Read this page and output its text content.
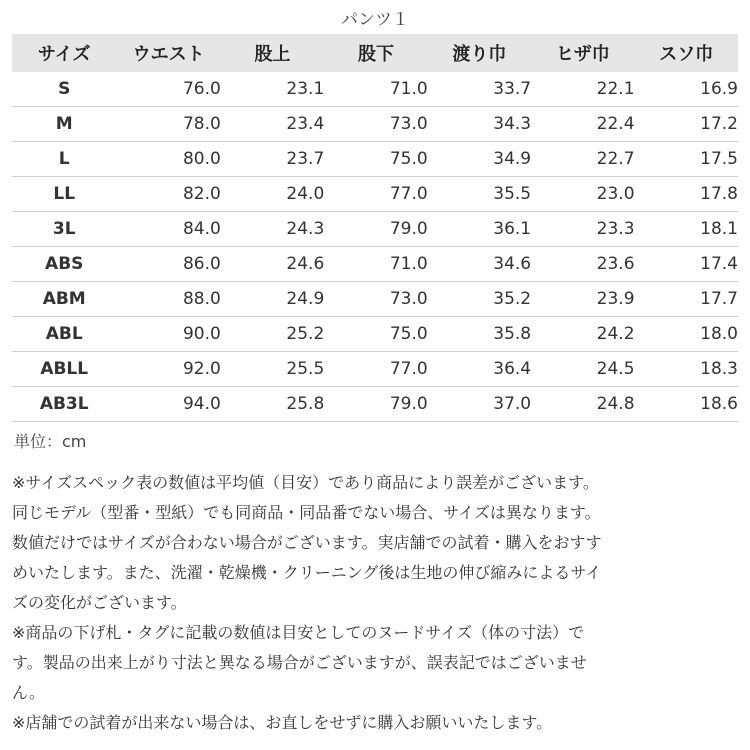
パンツ１
サイズ	ウエスト	股上	股下	渡り巾	ヒザ巾	スソ巾
S	76.0	23.1	71.0	33.7	22.1	16.9
M	78.0	23.4	73.0	34.3	22.4	17.2
L	80.0	23.7	75.0	34.9	22.7	17.5
LL	82.0	24.0	77.0	35.5	23.0	17.8
3L	84.0	24.3	79.0	36.1	23.3	18.1
ABS	86.0	24.6	71.0	34.6	23.6	17.4
ABM	88.0	24.9	73.0	35.2	23.9	17.7
ABL	90.0	25.2	75.0	35.8	24.2	18.0
ABLL	92.0	25.5	77.0	36.4	24.5	18.3
AB3L	94.0	25.8	79.0	37.0	24.8	18.6
単位：cm

※サイズスペック表の数値は平均値（目安）であり商品により誤差がございます。
同じモデル（型番・型紙）でも同商品・同品番でない場合、サイズは異なります。
数値だけではサイズが合わない場合がございます。実店舗での試着・購入をおすす
めいたします。また、洗濯・乾燥機・クリーニング後は生地の伸び縮みによるサイ
ズの変化がございます。

※商品の下げ札・タグに記載の数値は目安としてのヌードサイズ（体の寸法）で
す。製品の出来上がり寸法と異なる場合がございますが、誤表記ではございませ
ん。

※店舗での試着が出来ない場合は、お直しをせずに購入お願いいたします。
